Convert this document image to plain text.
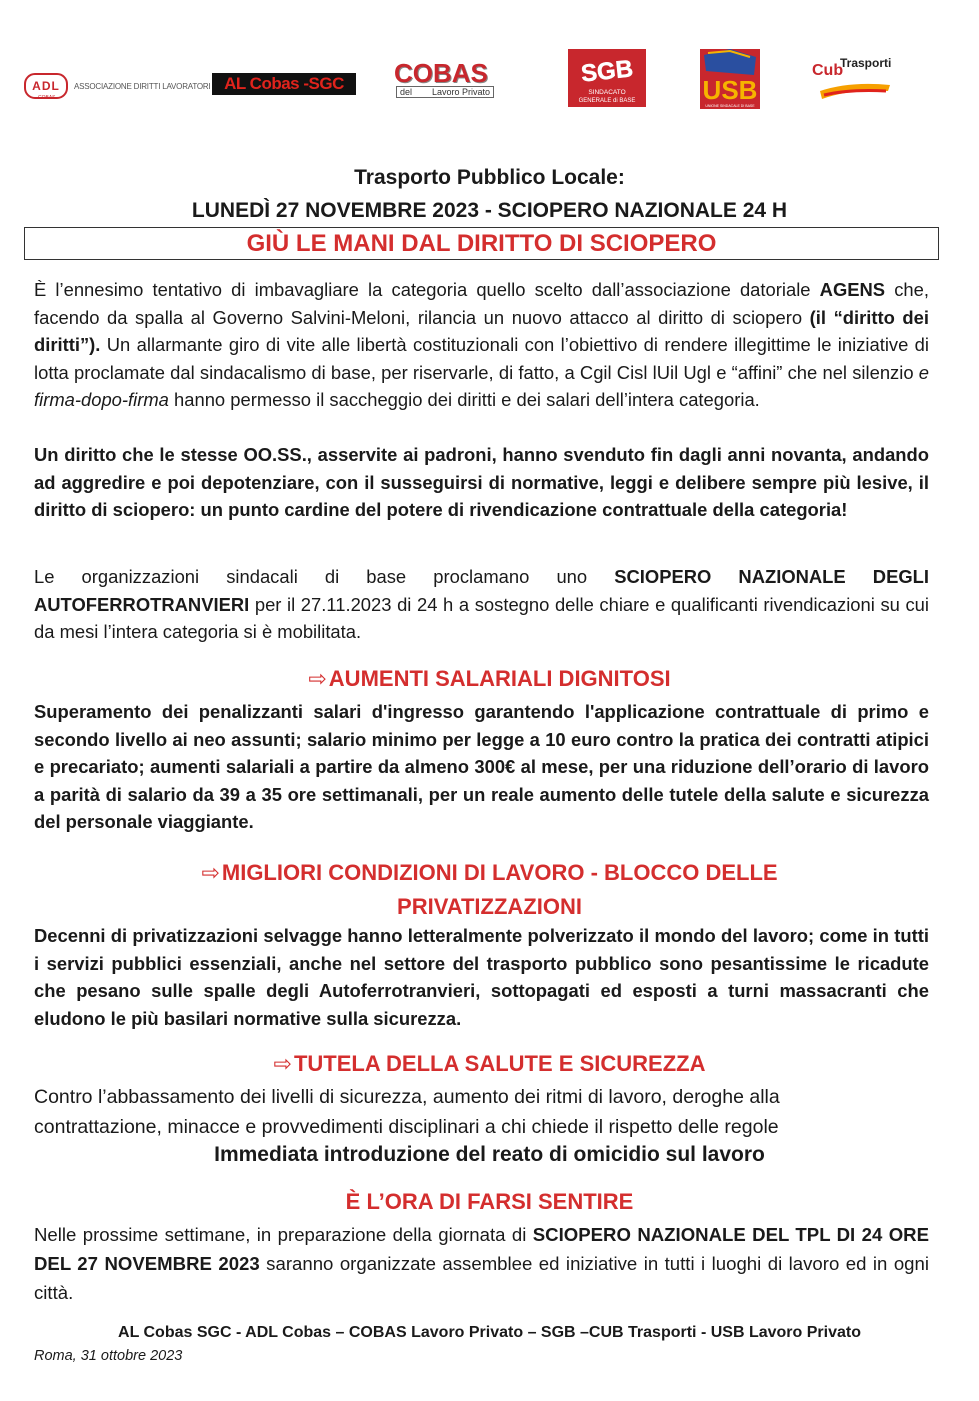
ADL
COBAS
ASSOCIAZIONE DIRITTI LAVORATORI AL Cobas -SGC	COBAS
del Lavoro Privato
SGB
SINDACATO
GENERALE di BASE	USB
UNIONE SINDACALE DI BASE
Cub
Trasporti
Trasporto Pubblico Locale:
LUNEDÌ 27 NOVEMBRE 2023 - SCIOPERO NAZIONALE 24 H
GIÙ LE MANI DAL DIRITTO DI SCIOPERO
È l’ennesimo tentativo di imbavagliare la categoria quello scelto dall’associazione datoriale AGENS che, facendo da spalla al Governo Salvini-Meloni, rilancia un nuovo attacco al diritto di sciopero (il “diritto dei diritti”). Un allarmante giro di vite alle libertà costituzionali con l’obiettivo di rendere illegittime le iniziative di lotta proclamate dal sindacalismo di base, per riservarle, di fatto, a Cgil Cisl lUil Ugl e “affini” che nel silenzio e firma-dopo-firma hanno permesso il saccheggio dei diritti e dei salari dell’intera categoria.
Un diritto che le stesse OO.SS., asservite ai padroni, hanno svenduto fin dagli anni novanta, andando ad aggredire e poi depotenziare, con il susseguirsi di normative, leggi e delibere sempre più lesive, il diritto di sciopero: un punto cardine del potere di rivendicazione contrattuale della categoria!
Le organizzazioni sindacali di base proclamano uno SCIOPERO NAZIONALE DEGLI AUTOFERROTRANVIERI per il 27.11.2023 di 24 h a sostegno delle chiare e qualificanti rivendicazioni su cui da mesi l’intera categoria si è mobilitata.
⇨AUMENTI SALARIALI DIGNITOSI
Superamento dei penalizzanti salari d'ingresso garantendo l'applicazione contrattuale di primo e secondo livello ai neo assunti; salario minimo per legge a 10 euro contro la pratica dei contratti atipici e precariato; aumenti salariali a partire da almeno 300€ al mese, per una riduzione dell’orario di lavoro a parità di salario da 39 a 35 ore settimanali, per un reale aumento delle tutele della salute e sicurezza del personale viaggiante.
⇨MIGLIORI CONDIZIONI DI LAVORO - BLOCCO DELLE
PRIVATIZZAZIONI
Decenni di privatizzazioni selvagge hanno letteralmente polverizzato il mondo del lavoro; come in tutti i servizi pubblici essenziali, anche nel settore del trasporto pubblico sono pesantissime le ricadute che pesano sulle spalle degli Autoferrotranvieri, sottopagati ed esposti a turni massacranti che eludono le più basilari normative sulla sicurezza.
⇨TUTELA DELLA SALUTE E SICUREZZA
Contro l’abbassamento dei livelli di sicurezza, aumento dei ritmi di lavoro, deroghe alla
contrattazione, minacce e provvedimenti disciplinari a chi chiede il rispetto delle regole
Immediata introduzione del reato di omicidio sul lavoro
È L’ORA DI FARSI SENTIRE
Nelle prossime settimane, in preparazione della giornata di SCIOPERO NAZIONALE DEL TPL DI 24 ORE DEL 27 NOVEMBRE 2023 saranno organizzate assemblee ed iniziative in tutti i luoghi di lavoro ed in ogni città.
AL Cobas SGC - ADL Cobas – COBAS Lavoro Privato – SGB –CUB Trasporti - USB Lavoro Privato
Roma, 31 ottobre 2023
